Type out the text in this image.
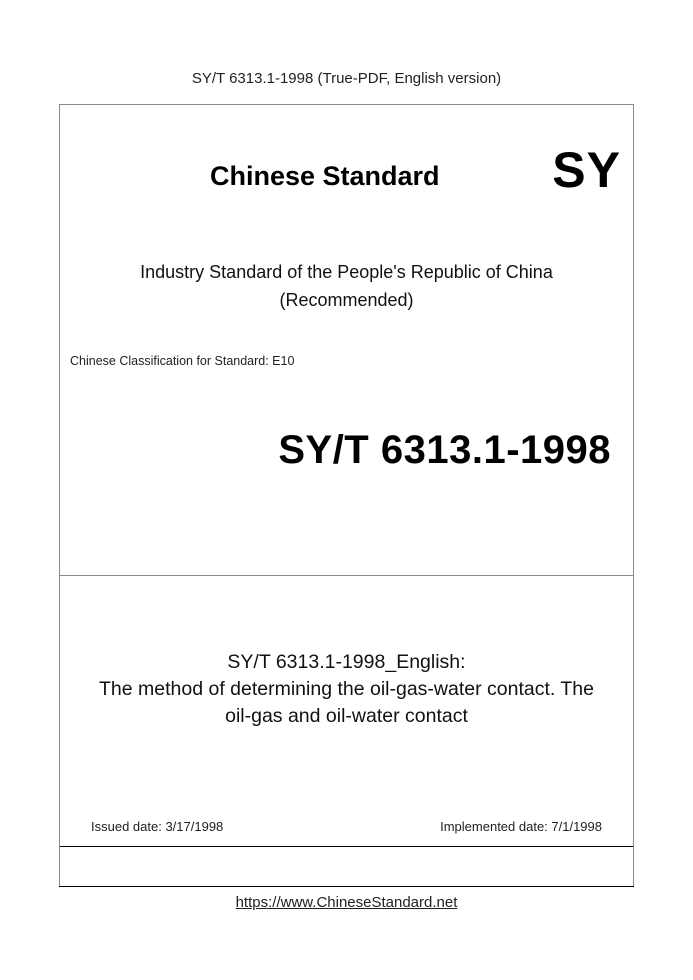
SY/T 6313.1-1998 (True-PDF, English version)
Chinese Standard SY
Industry Standard of the People's Republic of China
(Recommended)
Chinese Classification for Standard: E10
SY/T 6313.1-1998
SY/T 6313.1-1998_English:
The method of determining the oil-gas-water contact. The
oil-gas and oil-water contact
Issued date: 3/17/1998	Implemented date: 7/1/1998
https://www.ChineseStandard.net
